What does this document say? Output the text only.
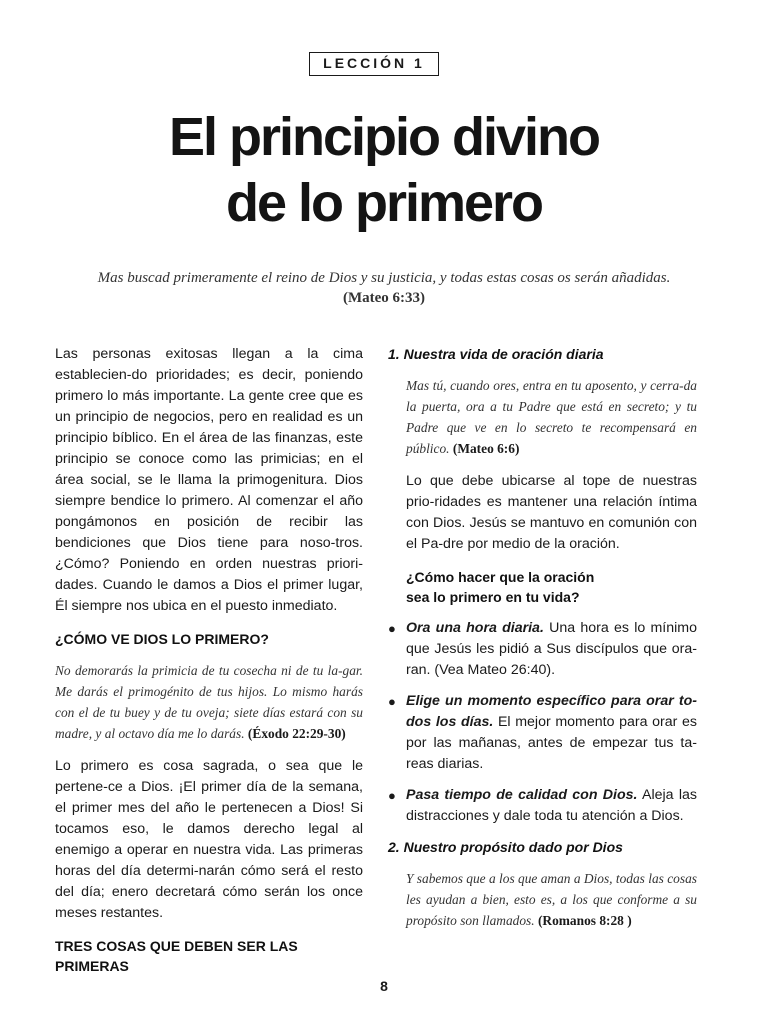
LECCIÓN 1
El principio divino
de lo primero
Mas buscad primeramente el reino de Dios y su justicia, y todas estas cosas os serán añadidas.
(Mateo 6:33)

Las personas exitosas llegan a la cima establecien-do prioridades; es decir, poniendo primero lo más importante. La gente cree que es un principio de negocios, pero en realidad es un principio bíblico. En el área de las finanzas, este principio se conoce como las primicias; en el área social, se le llama la primogenitura. Dios siempre bendice lo primero. Al comenzar el año pongámonos en posición de recibir las bendiciones que Dios tiene para noso-tros. ¿Cómo? Poniendo en orden nuestras priori-dades. Cuando le damos a Dios el primer lugar, Él siempre nos ubica en el puesto inmediato.

¿CÓMO VE DIOS LO PRIMERO?

No demorarás la primicia de tu cosecha ni de tu la-gar. Me darás el primogénito de tus hijos. Lo mismo harás con el de tu buey y de tu oveja; siete días estará con su madre, y al octavo día me lo darás. (Éxodo 22:29-30)

Lo primero es cosa sagrada, o sea que le pertene-ce a Dios. ¡El primer día de la semana, el primer mes del año le pertenecen a Dios! Si tocamos eso, le damos derecho legal al enemigo a operar en nuestra vida. Las primeras horas del día determi-narán cómo será el resto del día; enero decretará cómo serán los once meses restantes.

TRES COSAS QUE DEBEN SER LAS PRIMERAS
1. Nuestra vida de oración diaria

Mas tú, cuando ores, entra en tu aposento, y cerra-da la puerta, ora a tu Padre que está en secreto; y tu Padre que ve en lo secreto te recompensará en público. (Mateo 6:6)

Lo que debe ubicarse al tope de nuestras prio-ridades es mantener una relación íntima con Dios. Jesús se mantuvo en comunión con el Pa-dre por medio de la oración.

¿Cómo hacer que la oración
sea lo primero en tu vida?
● Ora una hora diaria. Una hora es lo mínimo que Jesús les pidió a Sus discípulos que ora-ran. (Vea Mateo 26:40).
● Elige un momento específico para orar to-dos los días. El mejor momento para orar es por las mañanas, antes de empezar tus ta-reas diarias.
● Pasa tiempo de calidad con Dios. Aleja las distracciones y dale toda tu atención a Dios.
2. Nuestro propósito dado por Dios

Y sabemos que a los que aman a Dios, todas las cosas les ayudan a bien, esto es, a los que conforme a su propósito son llamados. (Romanos 8:28 )

8
